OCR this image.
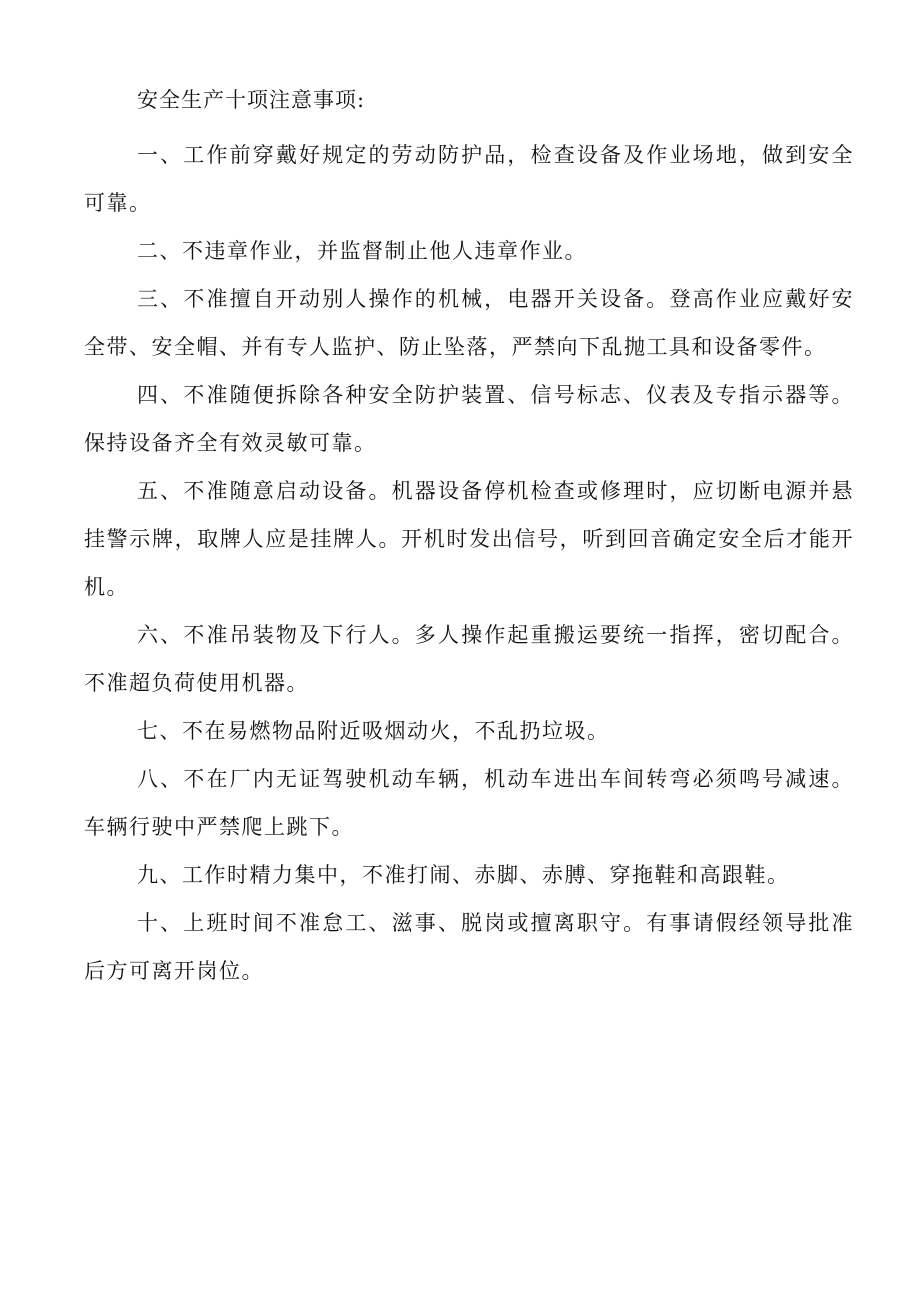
安全生产十项注意事项:

一、工作前穿戴好规定的劳动防护品，检查设备及作业场地，做到安全可靠。

二、不违章作业，并监督制止他人违章作业。

三、不准擅自开动别人操作的机械，电器开关设备。登高作业应戴好安全带、安全帽、并有专人监护、防止坠落，严禁向下乱抛工具和设备零件。

四、不准随便拆除各种安全防护装置、信号标志、仪表及专指示器等。保持设备齐全有效灵敏可靠。

五、不准随意启动设备。机器设备停机检查或修理时，应切断电源并悬挂警示牌，取牌人应是挂牌人。开机时发出信号，听到回音确定安全后才能开机。

六、不准吊装物及下行人。多人操作起重搬运要统一指挥，密切配合。不准超负荷使用机器。

七、不在易燃物品附近吸烟动火，不乱扔垃圾。

八、不在厂内无证驾驶机动车辆，机动车进出车间转弯必须鸣号减速。车辆行驶中严禁爬上跳下。

九、工作时精力集中，不准打闹、赤脚、赤膊、穿拖鞋和高跟鞋。

十、上班时间不准怠工、滋事、脱岗或擅离职守。有事请假经领导批准后方可离开岗位。
